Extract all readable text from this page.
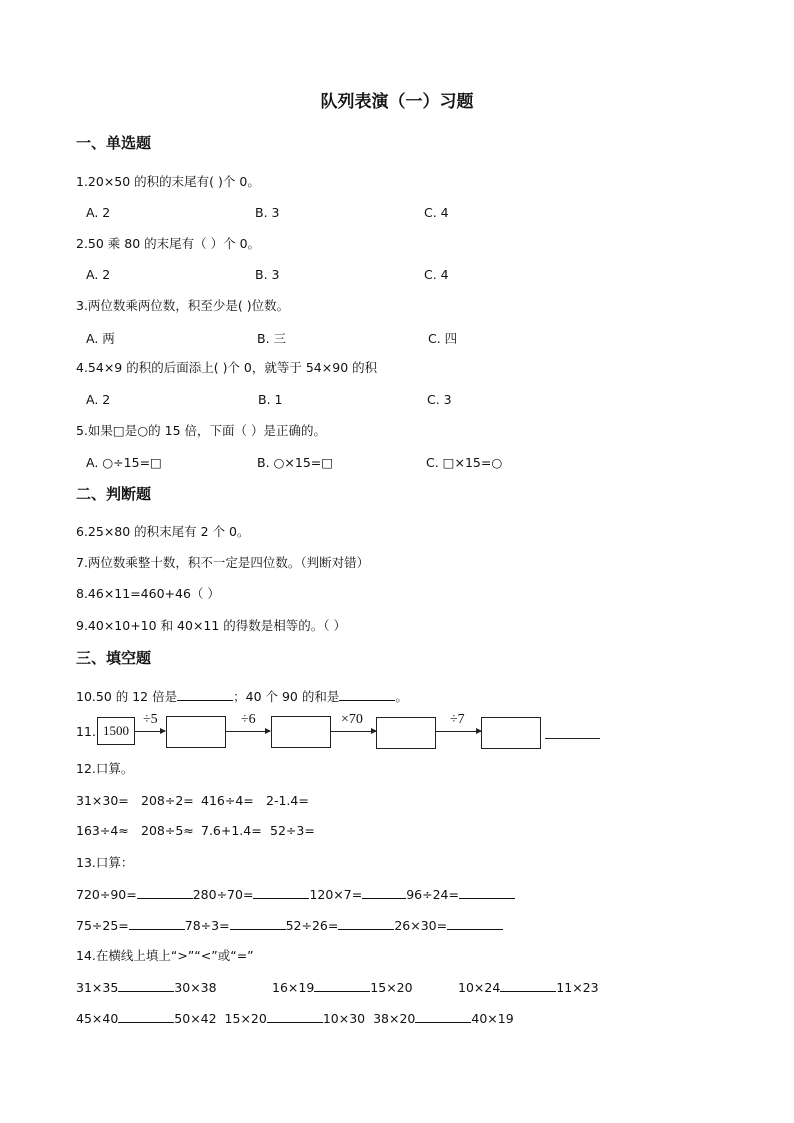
队列表演（一）习题
一、单选题
1.20×50 的积的末尾有( )个 0。
A. 2	B. 3	C. 4
2.50 乘 80 的末尾有（ ）个 0。
A. 2	B. 3	C. 4
3.两位数乘两位数，积至少是( )位数。
A. 两	B. 三	C. 四
4.54×9 的积的后面添上( )个 0，就等于 54×90 的积
A. 2	B. 1	C. 3
5.如果□是○的 15 倍，下面（ ）是正确的。
A. ○÷15=□	B. ○×15=□	C. □×15=○
二、判断题
6.25×80 的积末尾有 2 个 0。
7.两位数乘整十数，积不一定是四位数。（判断对错）
8.46×11=460+46（ ）
9.40×10+10 和 40×11 的得数是相等的。（ ）
三、填空题
10.50 的 12 倍是	；40 个 90 的和是	。
11. 1500
÷5	÷6	×70	÷7
12.口算。
31×30= 208÷2= 416÷4= 2-1.4=
163÷4≈ 208÷5≈ 7.6+1.4= 52÷3=
13.口算：
720÷90=	280÷70=	120×7=	96÷24=
75÷25=	78÷3=	52÷26=	26×30=
14.在横线上填上“>”“<”或“=”
31×35	30×38	16×19	15×20	10×24	11×23
45×40	50×42 15×20	10×30 38×20	40×19
